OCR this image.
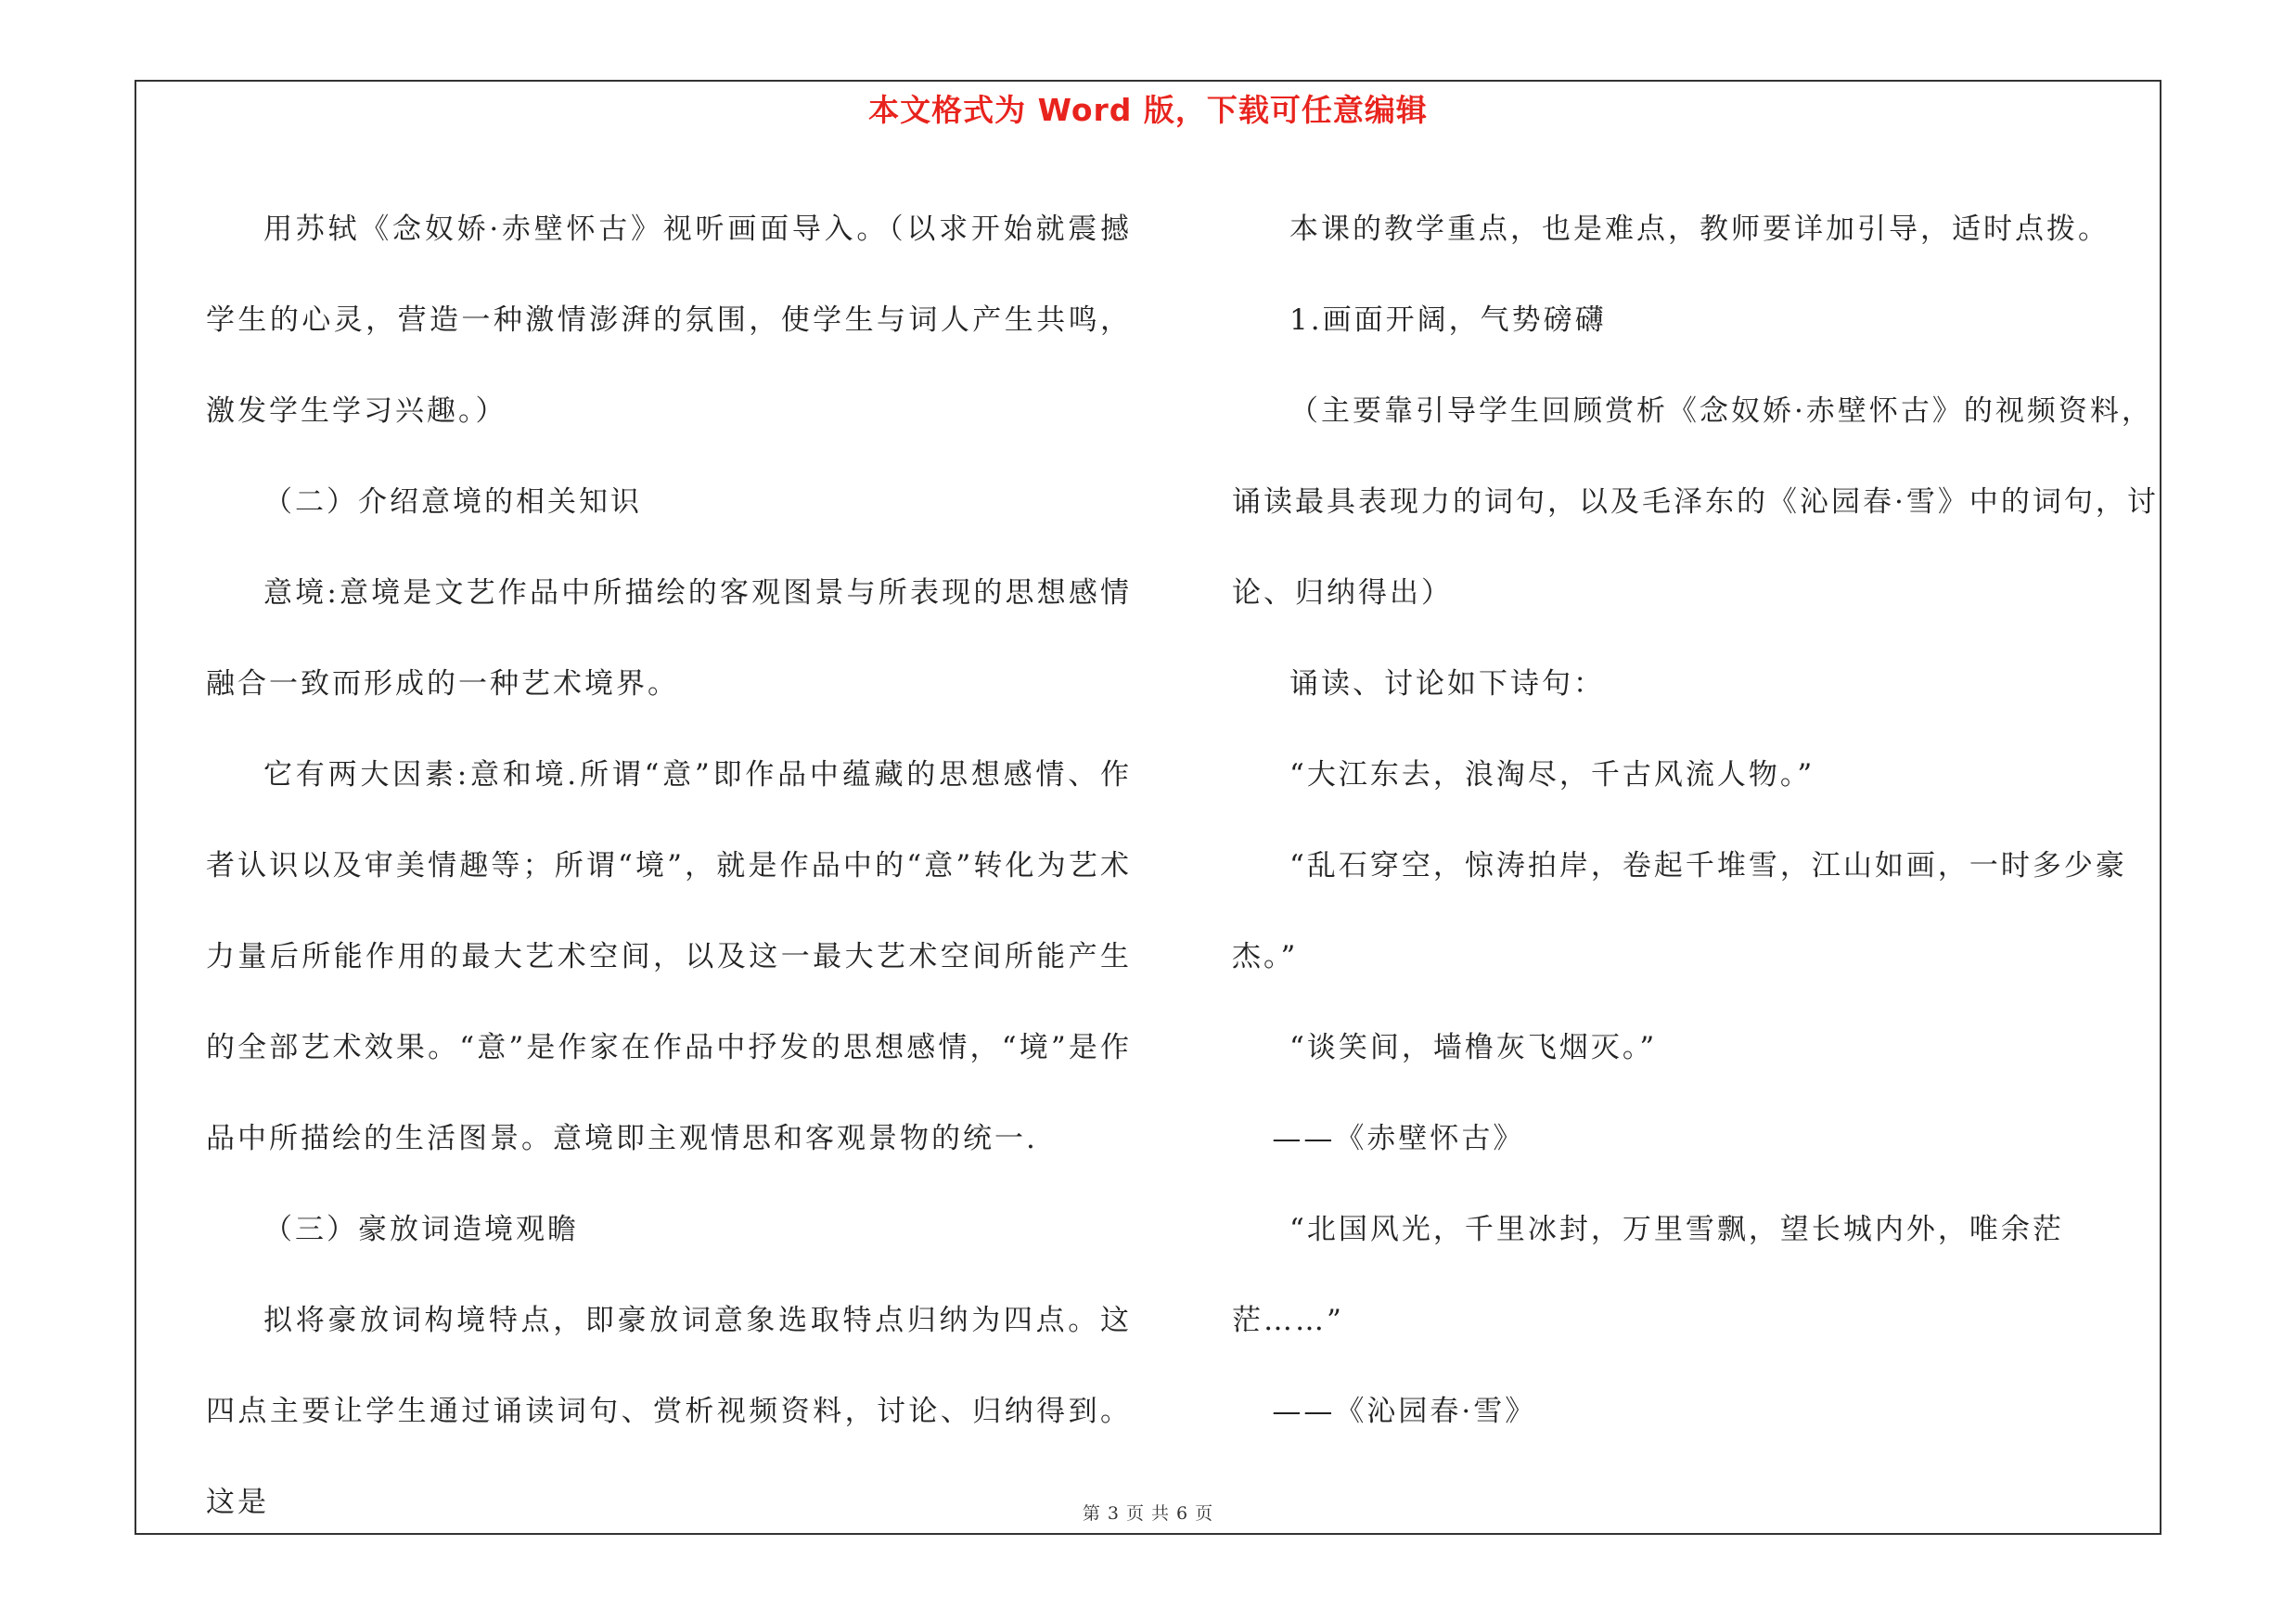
本文格式为 Word 版，下载可任意编辑

用苏轼《念奴娇·赤壁怀古》视听画面导入。（以求开始就震撼学生的心灵，营造一种激情澎湃的氛围，使学生与词人产生共鸣，激发学生学习兴趣。）

（二）介绍意境的相关知识

意境:意境是文艺作品中所描绘的客观图景与所表现的思想感情融合一致而形成的一种艺术境界。

它有两大因素:意和境.所谓“意”即作品中蕴藏的思想感情、作者认识以及审美情趣等；所谓“境”，就是作品中的“意”转化为艺术力量后所能作用的最大艺术空间，以及这一最大艺术空间所能产生的全部艺术效果。“意”是作家在作品中抒发的思想感情，“境”是作品中所描绘的生活图景。意境即主观情思和客观景物的统一.

（三）豪放词造境观瞻

拟将豪放词构境特点，即豪放词意象选取特点归纳为四点。这四点主要让学生通过诵读词句、赏析视频资料，讨论、归纳得到。这是

本课的教学重点，也是难点，教师要详加引导，适时点拨。

1.画面开阔，气势磅礴

（主要靠引导学生回顾赏析《念奴娇·赤壁怀古》的视频资料，诵读最具表现力的词句，以及毛泽东的《沁园春·雪》中的词句，讨论、归纳得出）

诵读、讨论如下诗句：

“大江东去，浪淘尽，千古风流人物。”

“乱石穿空，惊涛拍岸，卷起千堆雪，江山如画，一时多少豪杰。”

“谈笑间，墙橹灰飞烟灭。”

——《赤壁怀古》

“北国风光，千里冰封，万里雪飘，望长城内外，唯余茫茫……”

——《沁园春·雪》

第 3 页 共 6 页
